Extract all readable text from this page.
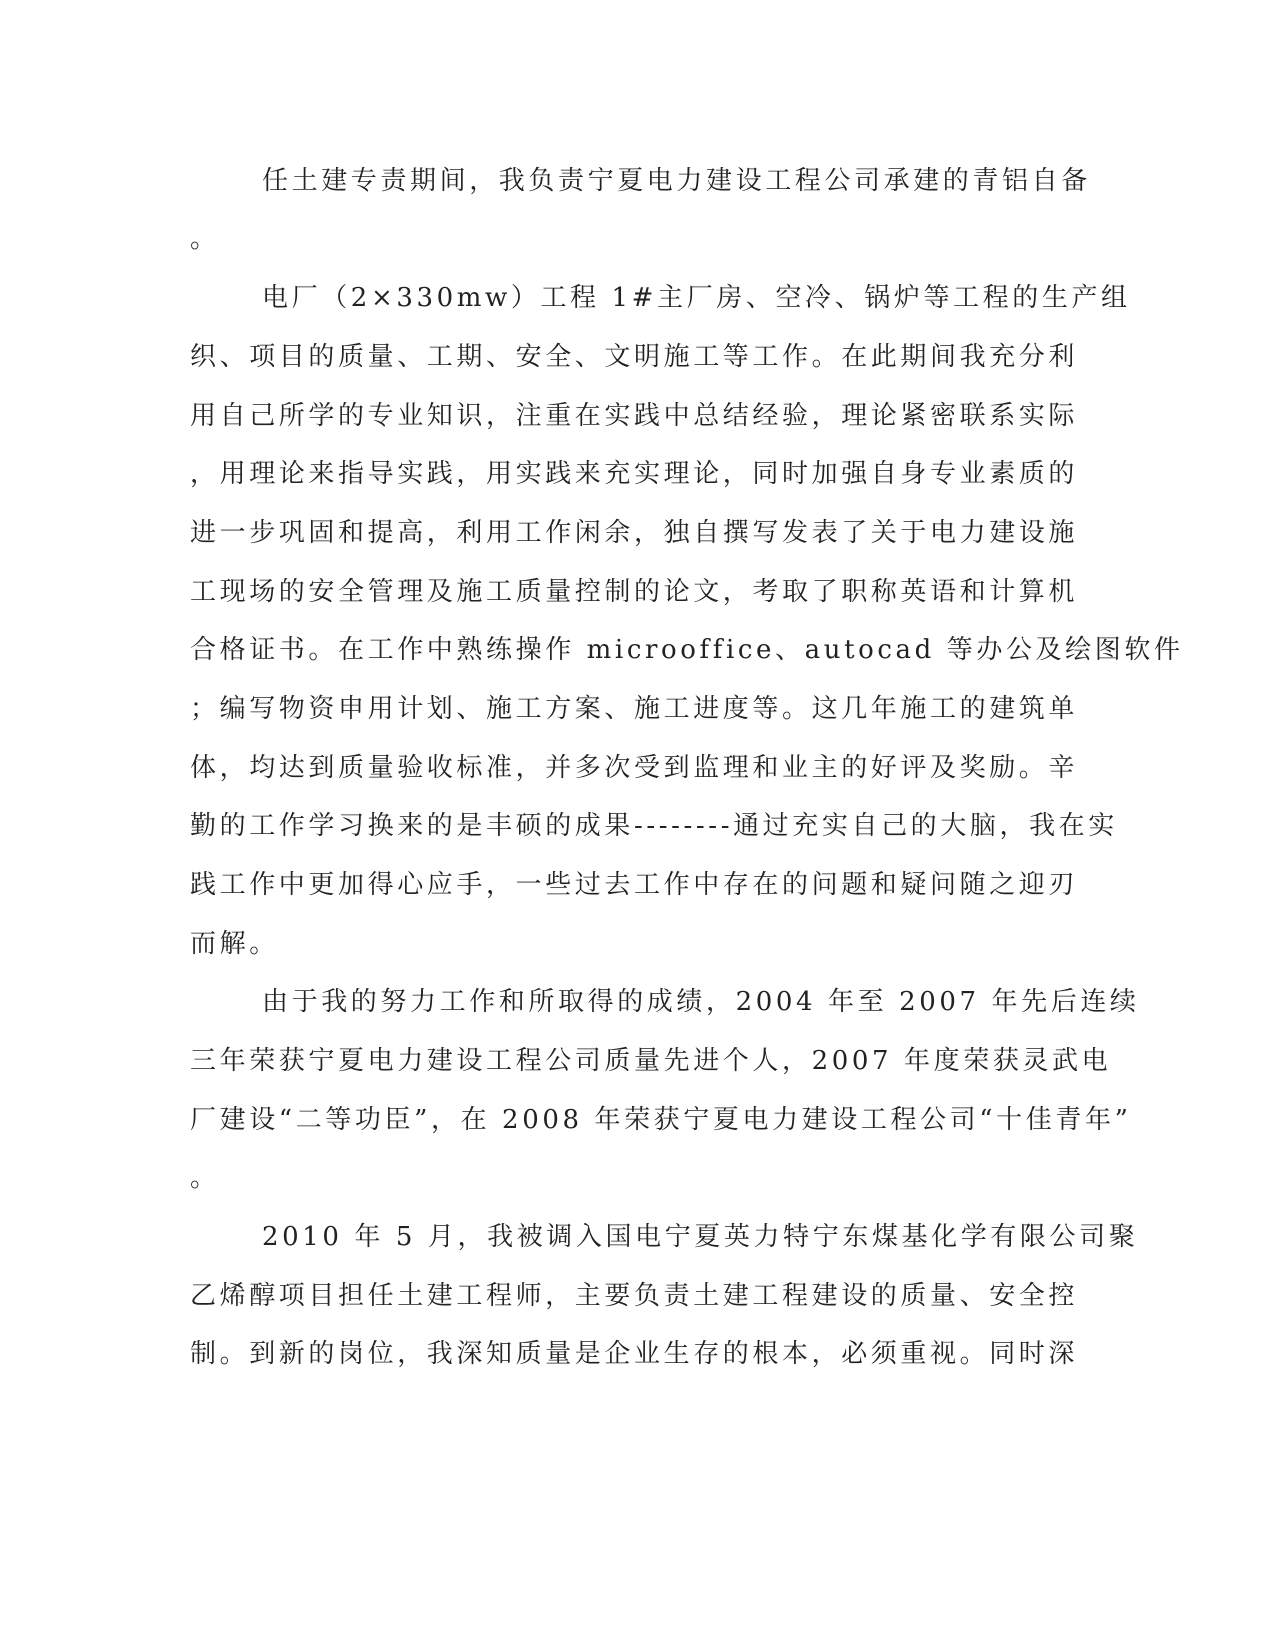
任土建专责期间，我负责宁夏电力建设工程公司承建的青铝自备

。

电厂（2×330mw）工程 1#主厂房、空冷、锅炉等工程的生产组

织、项目的质量、工期、安全、文明施工等工作。在此期间我充分利

用自己所学的专业知识，注重在实践中总结经验，理论紧密联系实际

，用理论来指导实践，用实践来充实理论，同时加强自身专业素质的

进一步巩固和提高，利用工作闲余，独自撰写发表了关于电力建设施

工现场的安全管理及施工质量控制的论文，考取了职称英语和计算机

合格证书。在工作中熟练操作 microoffice、autocad 等办公及绘图软件

；编写物资申用计划、施工方案、施工进度等。这几年施工的建筑单

体，均达到质量验收标准，并多次受到监理和业主的好评及奖励。辛

勤的工作学习换来的是丰硕的成果--------通过充实自己的大脑，我在实

践工作中更加得心应手，一些过去工作中存在的问题和疑问随之迎刃

而解。

由于我的努力工作和所取得的成绩，2004 年至 2007 年先后连续

三年荣获宁夏电力建设工程公司质量先进个人，2007 年度荣获灵武电

厂建设“二等功臣”，在 2008 年荣获宁夏电力建设工程公司“十佳青年”

。

2010 年 5 月，我被调入国电宁夏英力特宁东煤基化学有限公司聚

乙烯醇项目担任土建工程师，主要负责土建工程建设的质量、安全控

制。到新的岗位，我深知质量是企业生存的根本，必须重视。同时深
